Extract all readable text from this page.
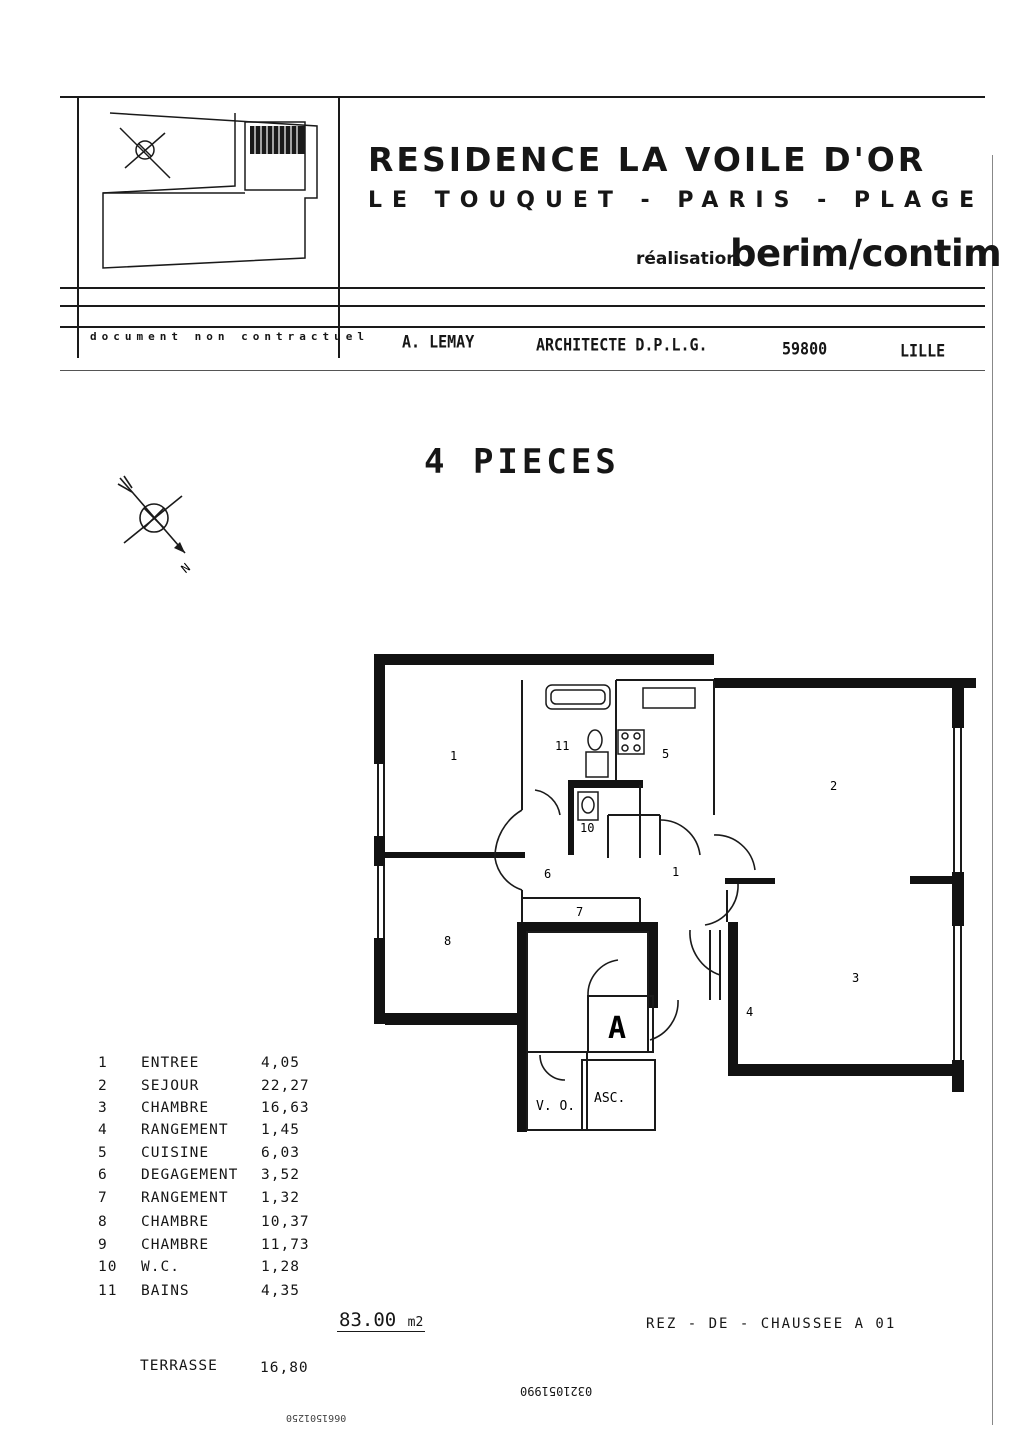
RESIDENCE LA VOILE D'OR
LE TOUQUET - PARIS - PLAGE
réalisation
berim/contim
document non contractuel A. LEMAY	ARCHITECTE D.P.L.G.	59800	LILLE
4 PIECES
N
1
11
5
2
10
6	1
7
8
3
4
A
V. O.
ASC.
1 ENTREE	4,05
2 SEJOUR	22,27
3 CHAMBRE	16,63
4 RANGEMENT 1,45
5 CUISINE	6,03
6 DEGAGEMENT 3,52
7 RANGEMENT 1,32
8 CHAMBRE	10,37
9 CHAMBRE	11,73
10 W.C.	1,28
11 BAINS	4,35
83.00 m2	REZ - DE - CHAUSSEE A 01
TERRASSE	16,80
0321051990
0661501250
